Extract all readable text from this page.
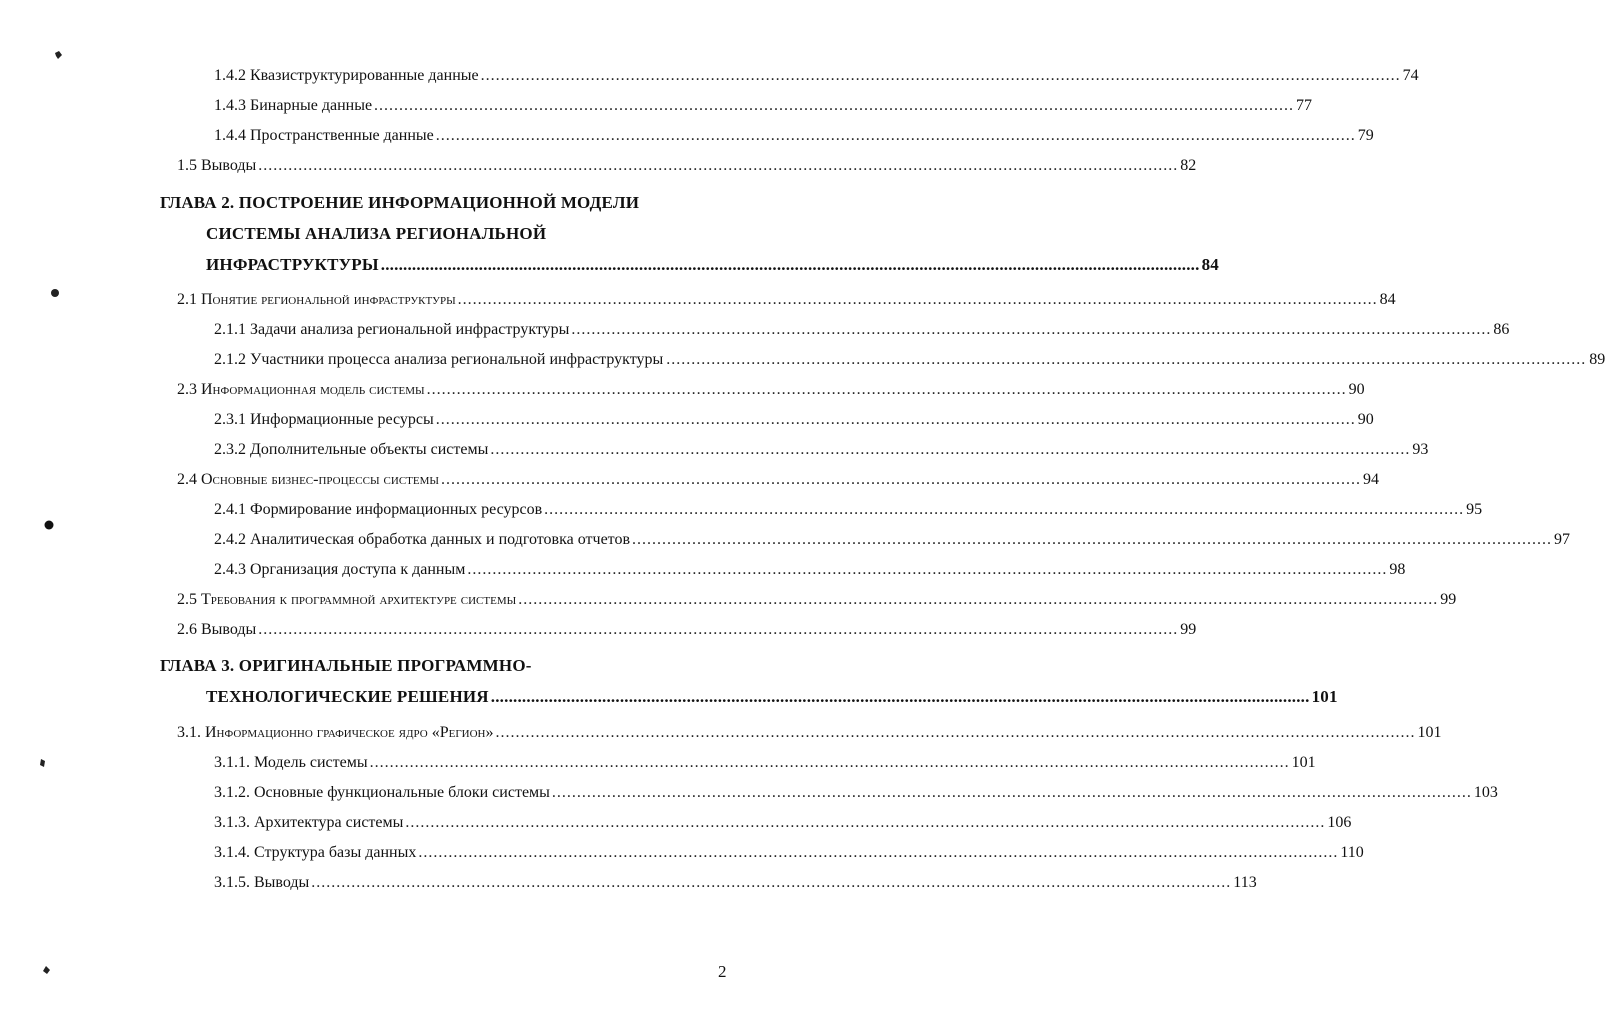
1.4.2 Квазиструктурированные данные ........................................................................................................................................................................................ 74
1.4.3 Бинарные данные ........................................................................................................................................................................................ 77
1.4.4 Пространственные данные ........................................................................................................................................................................................ 79
1.5 Выводы ........................................................................................................................................................................................ 82
ГЛАВА 2. ПОСТРОЕНИЕ ИНФОРМАЦИОННОЙ МОДЕЛИ
СИСТЕМЫ АНАЛИЗА РЕГИОНАЛЬНОЙ
ИНФРАСТРУКТУРЫ ........................................................................................................................................................................................ 84
2.1 Понятие региональной инфраструктуры ........................................................................................................................................................................................ 84
2.1.1 Задачи анализа региональной инфраструктуры ........................................................................................................................................................................................ 86
2.1.2 Участники процесса анализа региональной инфраструктуры ........................................................................................................................................................................................ 89
2.3 Информационная модель системы ........................................................................................................................................................................................ 90
2.3.1 Информационные ресурсы ........................................................................................................................................................................................ 90
2.3.2 Дополнительные объекты системы ........................................................................................................................................................................................ 93
2.4 Основные бизнес-процессы системы ........................................................................................................................................................................................ 94
2.4.1 Формирование информационных ресурсов ........................................................................................................................................................................................ 95
2.4.2 Аналитическая обработка данных и подготовка отчетов ........................................................................................................................................................................................ 97
2.4.3 Организация доступа к данным ........................................................................................................................................................................................ 98
2.5 Требования к программной архитектуре системы ........................................................................................................................................................................................ 99
2.6 Выводы ........................................................................................................................................................................................ 99
ГЛАВА 3. ОРИГИНАЛЬНЫЕ ПРОГРАММНО-
ТЕХНОЛОГИЧЕСКИЕ РЕШЕНИЯ ........................................................................................................................................................................................ 101
3.1. Информационно графическое ядро «Регион» ........................................................................................................................................................................................ 101
3.1.1. Модель системы ........................................................................................................................................................................................ 101
3.1.2. Основные функциональные блоки системы ........................................................................................................................................................................................ 103
3.1.3. Архитектура системы ........................................................................................................................................................................................ 106
3.1.4. Структура базы данных ........................................................................................................................................................................................ 110
3.1.5. Выводы ........................................................................................................................................................................................ 113
2
